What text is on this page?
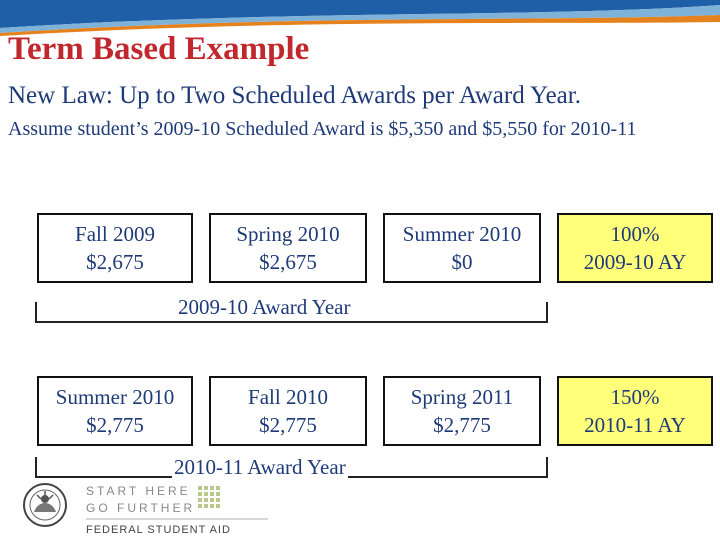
Term Based Example

New Law: Up to Two Scheduled Awards per Award Year.

Assume student’s 2009-10 Scheduled Award is $5,350 and $5,550 for 2010-11

Fall 2009
$2,675
Spring 2010
$2,675
Summer 2010
$0
100%
2009-10 AY
2009-10 Award Year
Summer 2010
$2,775
Fall 2010
$2,775
Spring 2011
$2,775
150%
2010-11 AY
2010-11 Award Year
START HERE
GO FURTHER
FEDERAL STUDENT AID
